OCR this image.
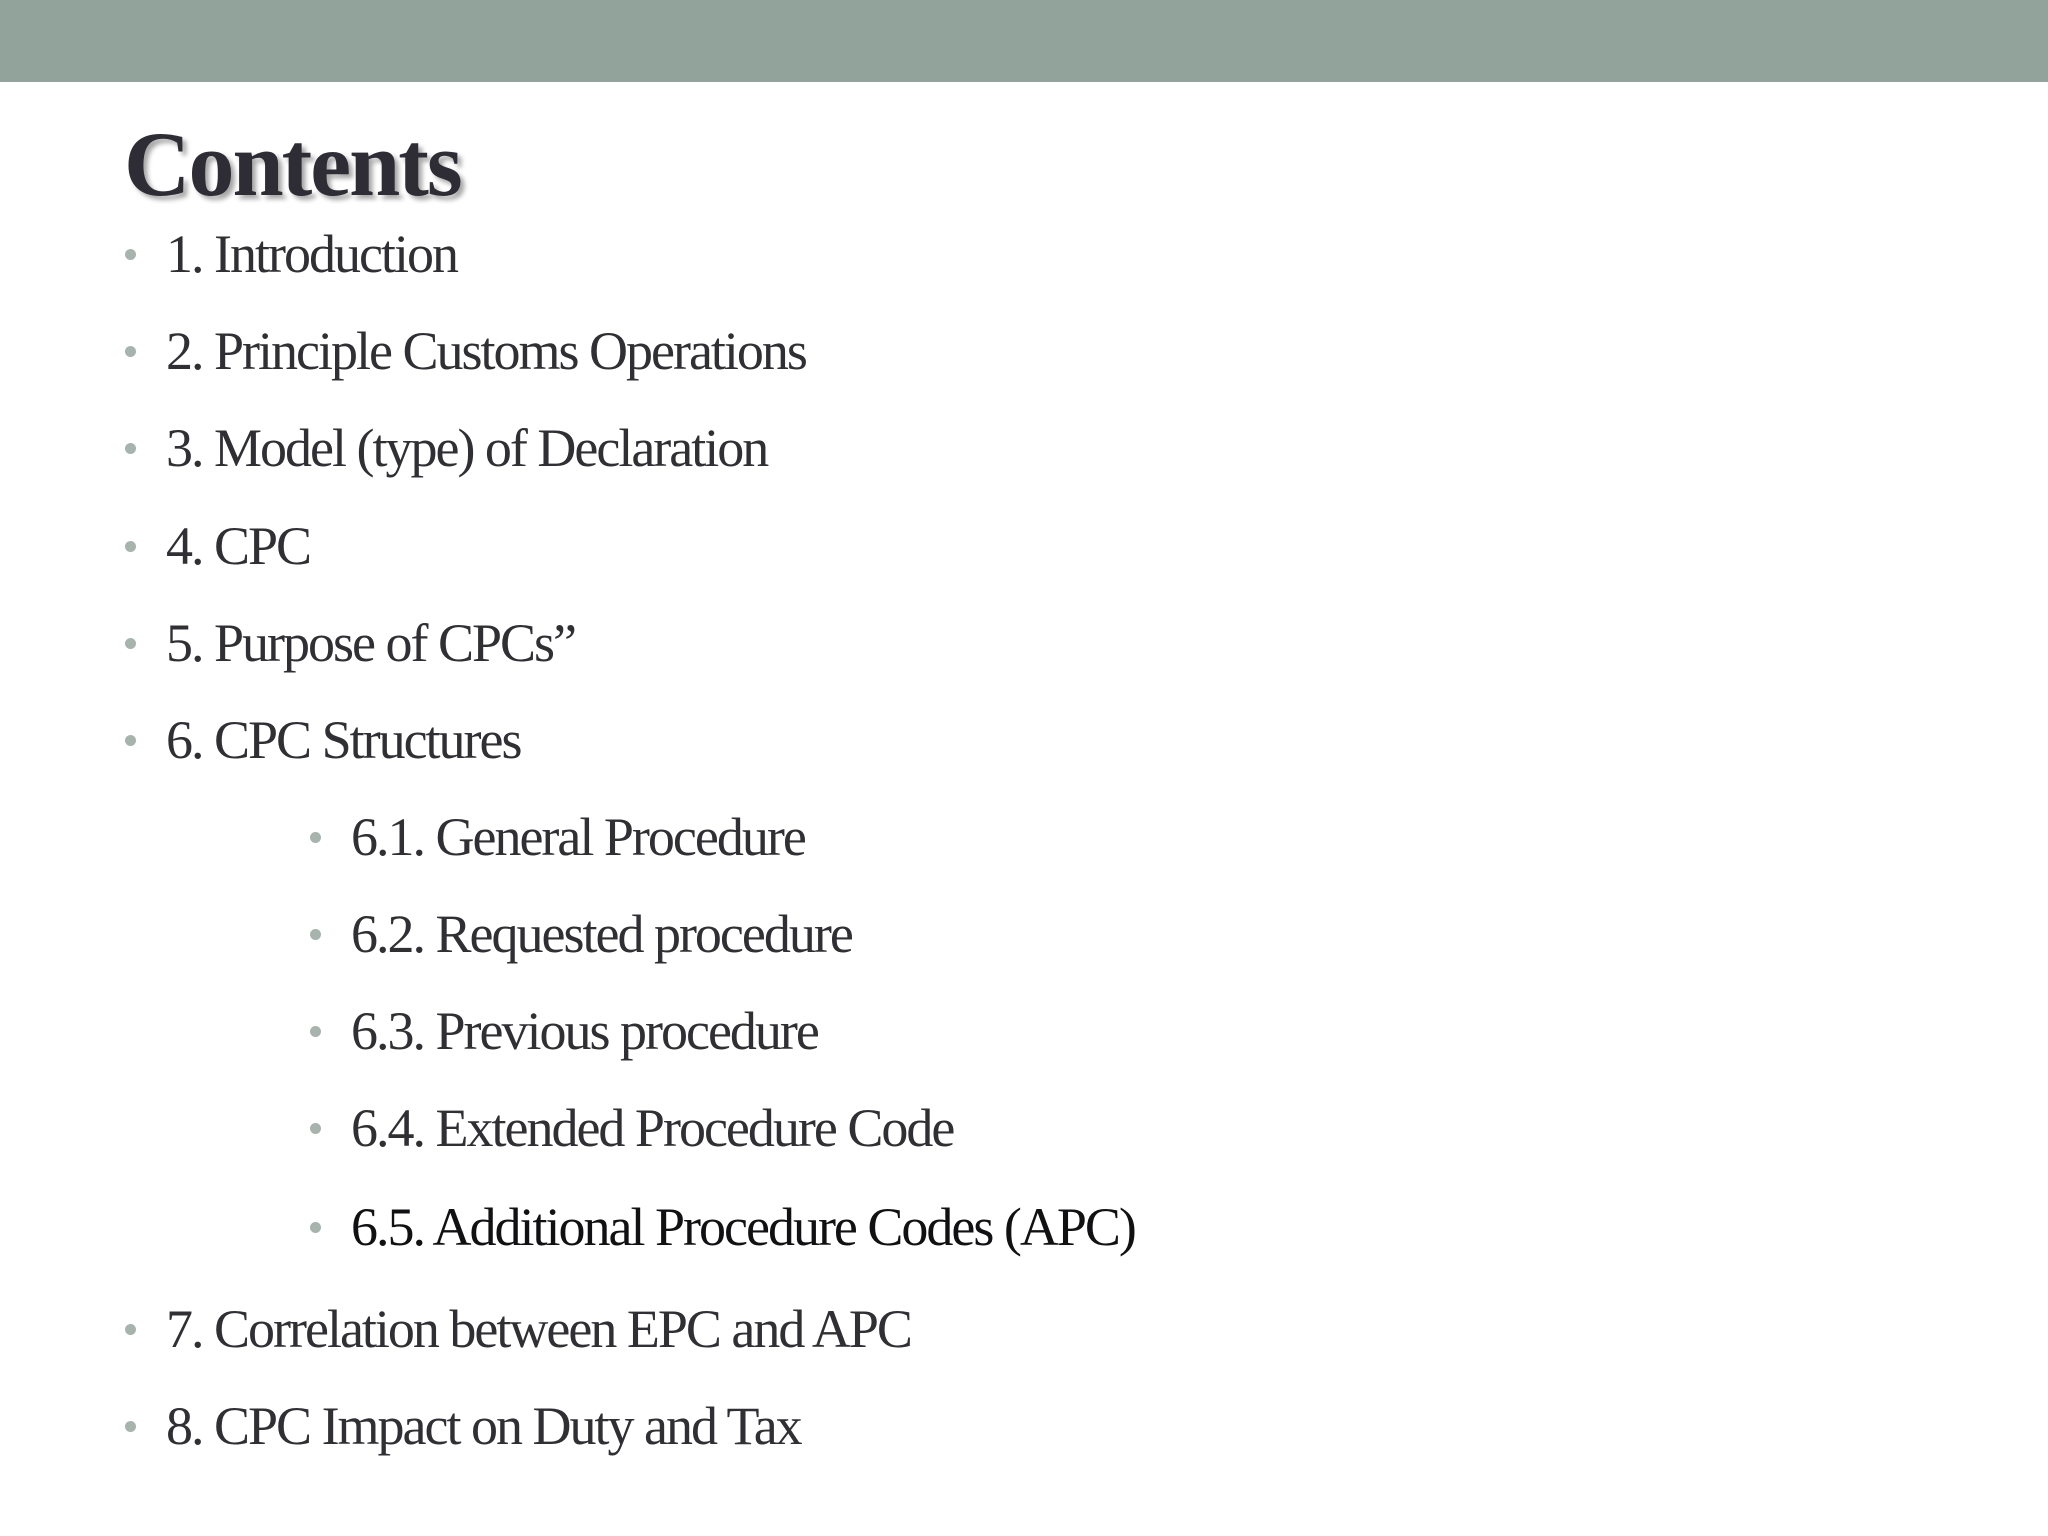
Contents
1. Introduction
2. Principle Customs Operations
3. Model (type) of Declaration
4. CPC
5. Purpose of CPCs”
6. CPC Structures
6.1. General Procedure
6.2. Requested procedure
6.3. Previous procedure
6.4. Extended Procedure Code
6.5. Additional Procedure Codes (APC)
7. Correlation between EPC and APC
8. CPC Impact on Duty and Tax
